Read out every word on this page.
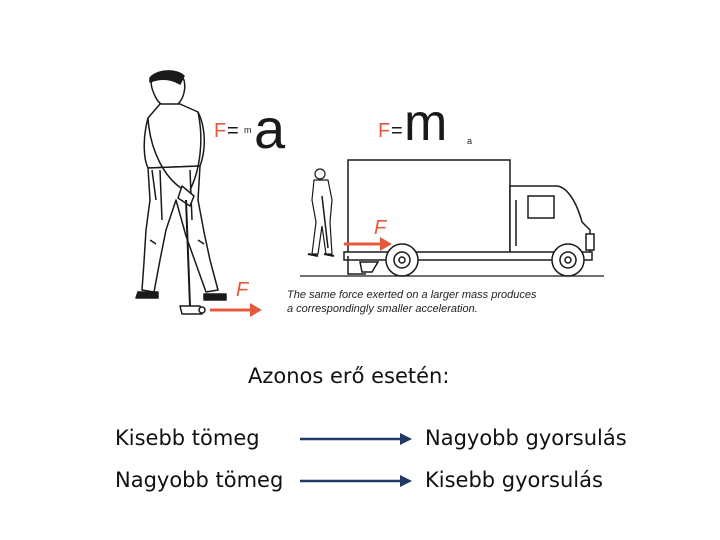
F = m a
F
F = m a
F
The same force exerted on a larger mass produces
a correspondingly smaller acceleration.
Azonos erő esetén:
Kisebb tömeg	Nagyobb gyorsulás
Nagyobb tömeg	Kisebb gyorsulás
